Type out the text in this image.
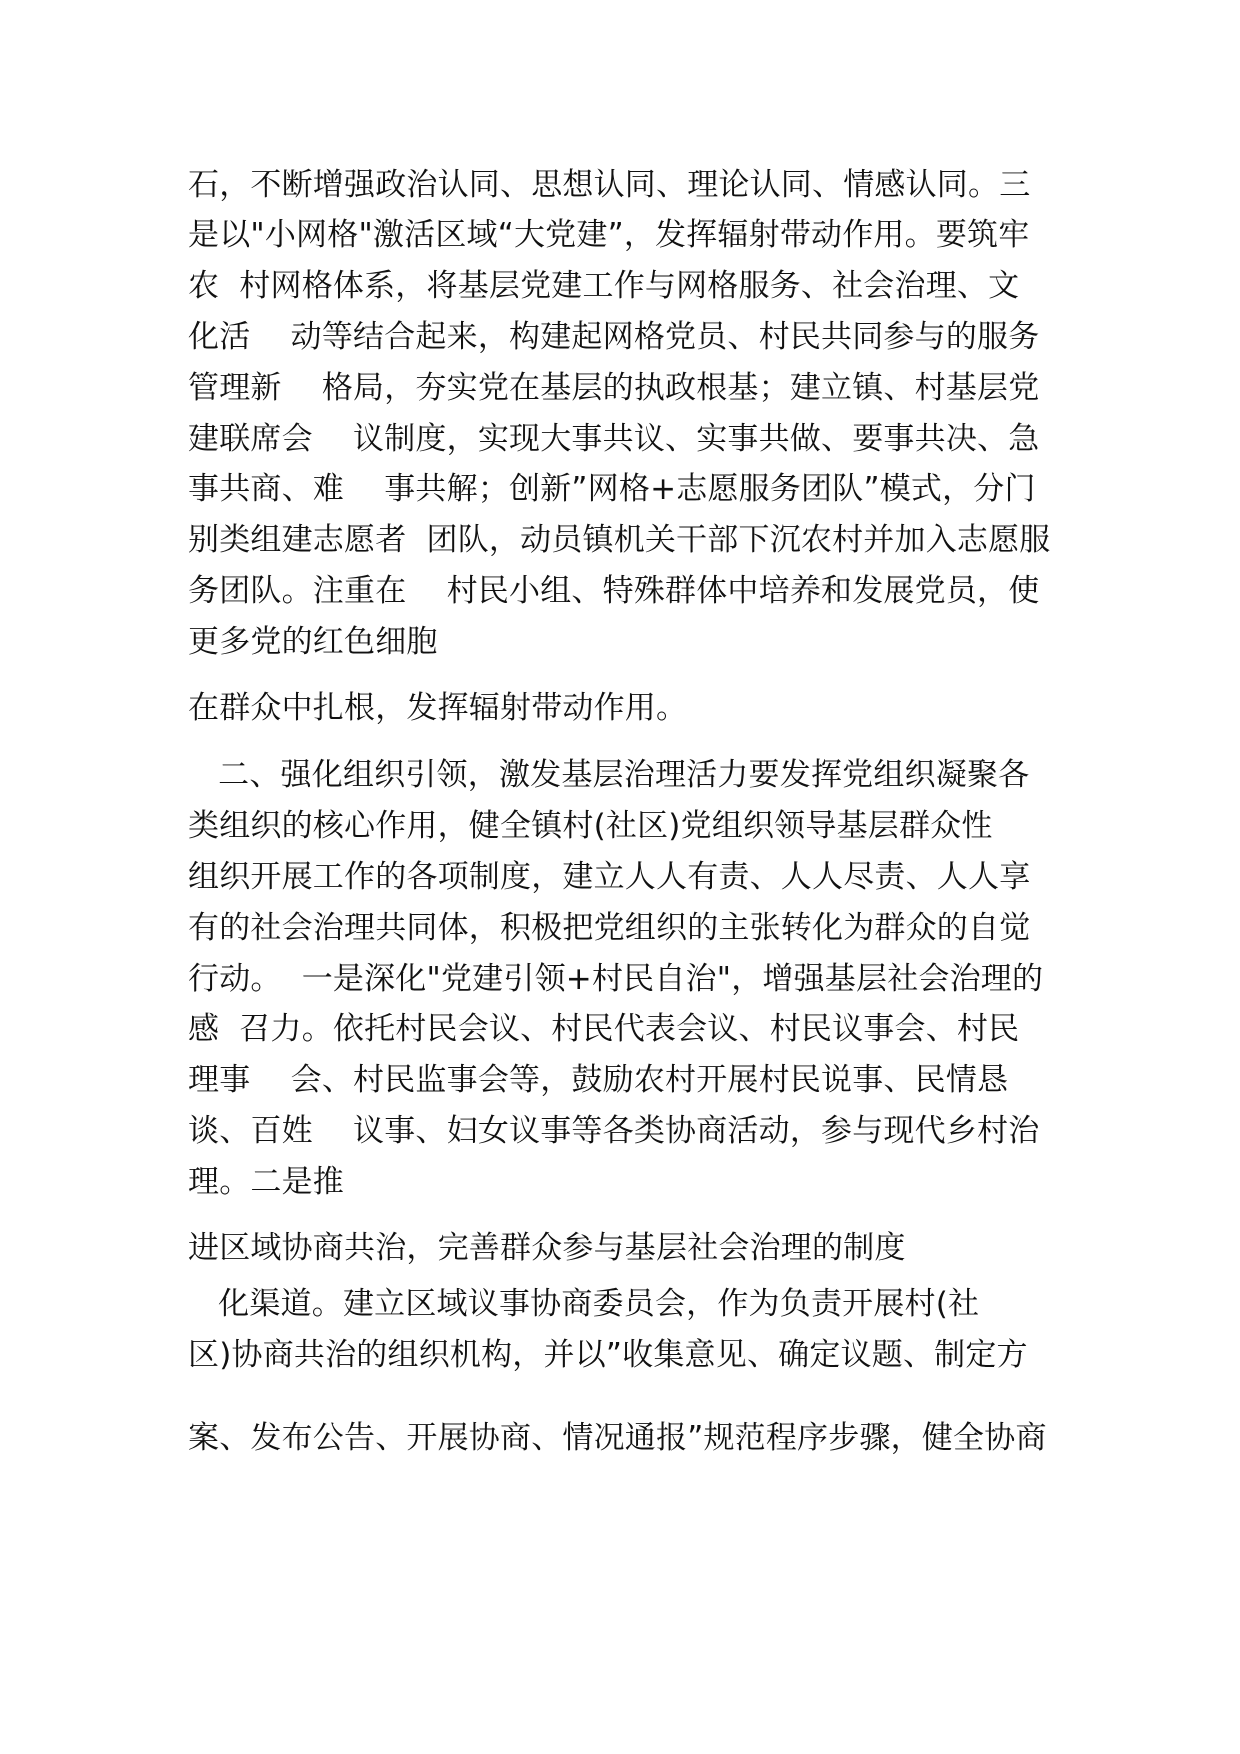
石，不断增强政治认同、思想认同、理论认同、情感认同。三
是以"小网格"激活区域“大党建”，发挥辐射带动作用。要筑牢
农  村网格体系，将基层党建工作与网格服务、社会治理、文
化活    动等结合起来，构建起网格党员、村民共同参与的服务
管理新    格局，夯实党在基层的执政根基；建立镇、村基层党
建联席会    议制度，实现大事共议、实事共做、要事共决、急
事共商、难    事共解；创新”网格+志愿服务团队”模式，分门
别类组建志愿者  团队，动员镇机关干部下沉农村并加入志愿服
务团队。注重在    村民小组、特殊群体中培养和发展党员，使
更多党的红色细胞
在群众中扎根，发挥辐射带动作用。
二、强化组织引领，激发基层治理活力要发挥党组织凝聚各
类组织的核心作用，健全镇村(社区)党组织领导基层群众性
组织开展工作的各项制度，建立人人有责、人人尽责、人人享
有的社会治理共同体，积极把党组织的主张转化为群众的自觉
行动。  一是深化"党建引领+村民自治"，增强基层社会治理的
感  召力。依托村民会议、村民代表会议、村民议事会、村民
理事    会、村民监事会等，鼓励农村开展村民说事、民情恳
谈、百姓    议事、妇女议事等各类协商活动，参与现代乡村治
理。二是推
进区域协商共治，完善群众参与基层社会治理的制度
化渠道。建立区域议事协商委员会，作为负责开展村(社
区)协商共治的组织机构，并以”收集意见、确定议题、制定方
案、发布公告、开展协商、情况通报”规范程序步骤，健全协商
